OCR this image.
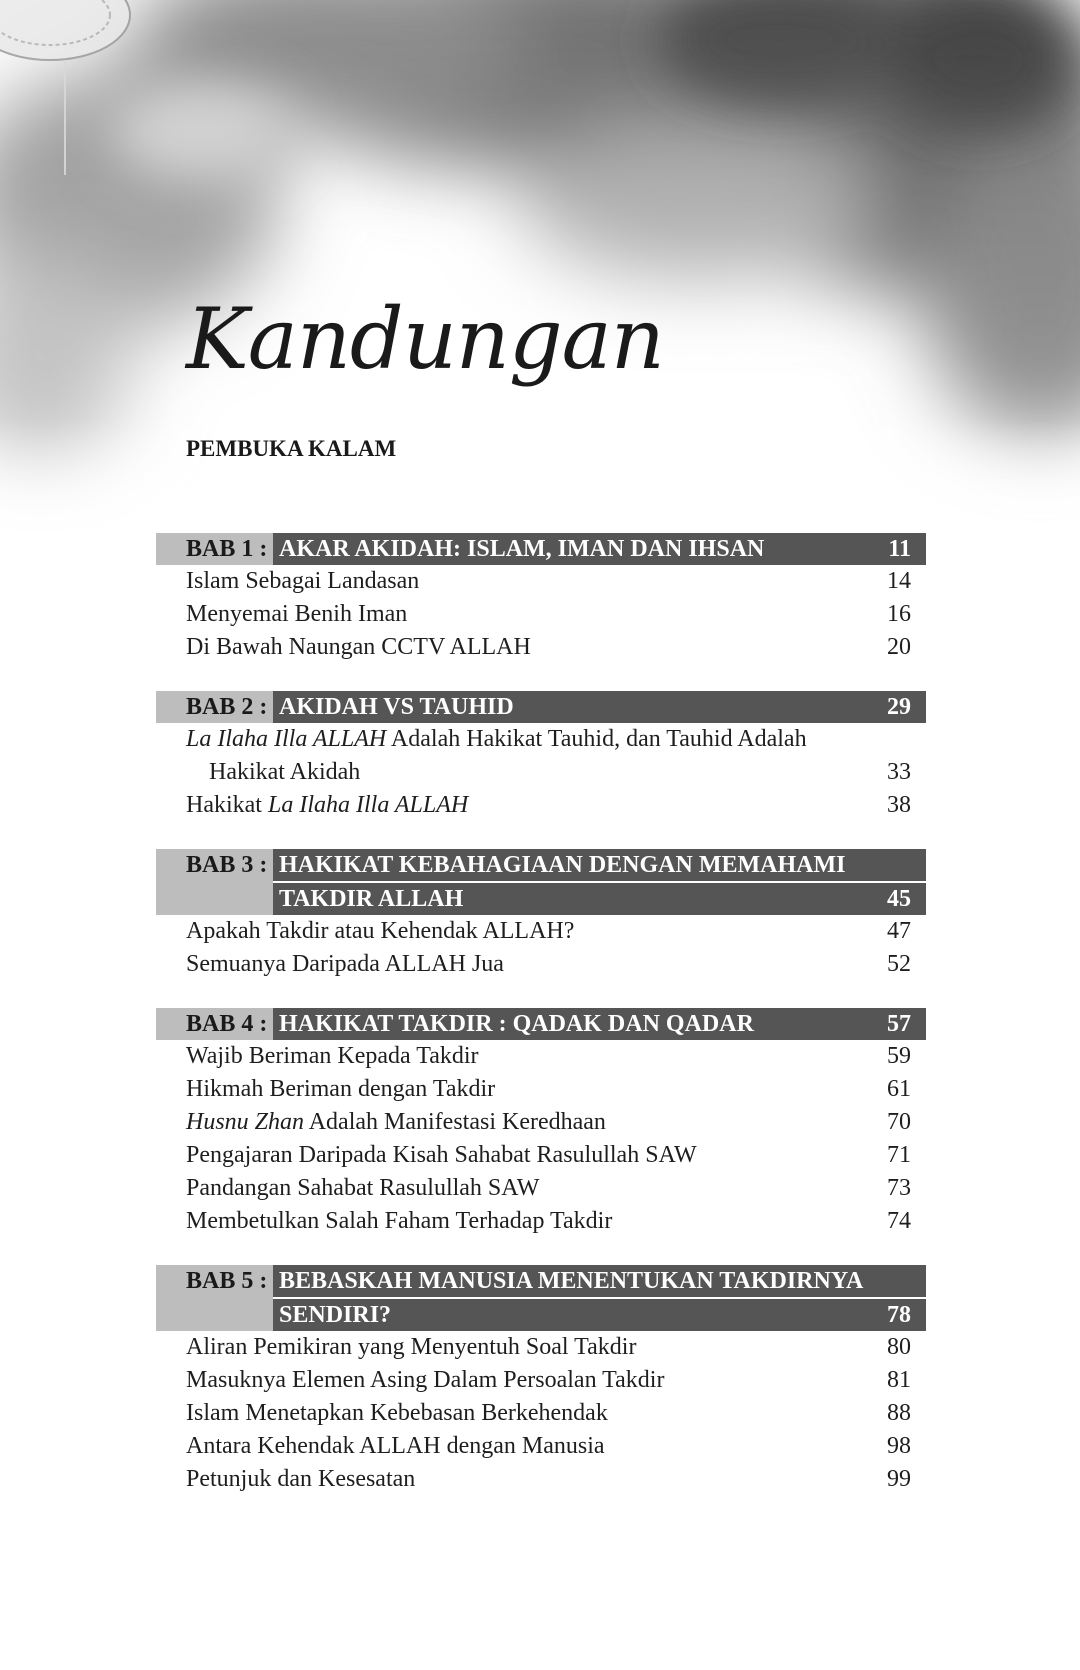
Kandungan
PEMBUKA KALAM
BAB 1 : AKAR AKIDAH: ISLAM, IMAN DAN IHSAN	11
Islam Sebagai Landasan	14
Menyemai Benih Iman	16
Di Bawah Naungan CCTV ALLAH	20
BAB 2 : AKIDAH VS TAUHID	29
La Ilaha Illa ALLAH Adalah Hakikat Tauhid, dan Tauhid Adalah
Hakikat Akidah	33
Hakikat La Ilaha Illa ALLAH	38
BAB 3 : HAKIKAT KEBAHAGIAAN DENGAN MEMAHAMI
TAKDIR ALLAH	45
Apakah Takdir atau Kehendak ALLAH?	47
Semuanya Daripada ALLAH Jua	52
BAB 4 : HAKIKAT TAKDIR : QADAK DAN QADAR	57
Wajib Beriman Kepada Takdir	59
Hikmah Beriman dengan Takdir	61
Husnu Zhan Adalah Manifestasi Keredhaan	70
Pengajaran Daripada Kisah Sahabat Rasulullah SAW	71
Pandangan Sahabat Rasulullah SAW	73
Membetulkan Salah Faham Terhadap Takdir	74
BAB 5 : BEBASKAH MANUSIA MENENTUKAN TAKDIRNYA
SENDIRI?	78
Aliran Pemikiran yang Menyentuh Soal Takdir	80
Masuknya Elemen Asing Dalam Persoalan Takdir	81
Islam Menetapkan Kebebasan Berkehendak	88
Antara Kehendak ALLAH dengan Manusia	98
Petunjuk dan Kesesatan	99
